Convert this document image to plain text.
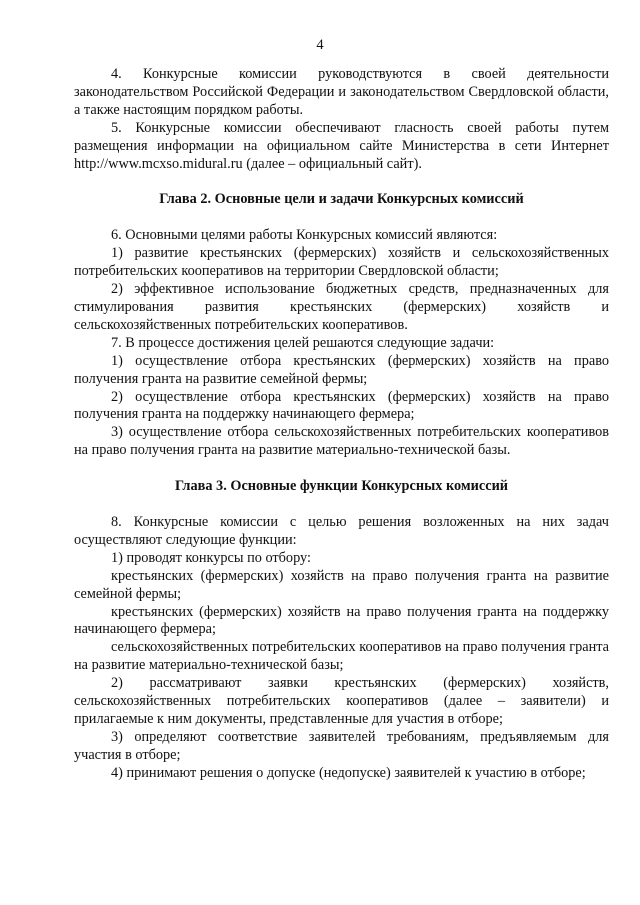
4
4. Конкурсные комиссии руководствуются в своей деятельности законодательством Российской Федерации и законодательством Свердловской области, а также настоящим порядком работы.
5. Конкурсные комиссии обеспечивают гласность своей работы путем размещения информации на официальном сайте Министерства в сети Интернет http://www.mcxso.midural.ru (далее – официальный сайт).
Глава 2. Основные цели и задачи Конкурсных комиссий
6. Основными целями работы Конкурсных комиссий являются:
1) развитие крестьянских (фермерских) хозяйств и сельскохозяйственных потребительских кооперативов на территории Свердловской области;
2) эффективное использование бюджетных средств, предназначенных для стимулирования развития крестьянских (фермерских) хозяйств и сельскохозяйственных потребительских кооперативов.
7. В процессе достижения целей решаются следующие задачи:
1) осуществление отбора крестьянских (фермерских) хозяйств на право получения гранта на развитие семейной фермы;
2) осуществление отбора крестьянских (фермерских) хозяйств на право получения гранта на поддержку начинающего фермера;
3) осуществление отбора сельскохозяйственных потребительских кооперативов на право получения гранта на развитие материально-технической базы.
Глава 3. Основные функции Конкурсных комиссий
8. Конкурсные комиссии с целью решения возложенных на них задач осуществляют следующие функции:
1) проводят конкурсы по отбору:
крестьянских (фермерских) хозяйств на право получения гранта на развитие семейной фермы;
крестьянских (фермерских) хозяйств на право получения гранта на поддержку начинающего фермера;
сельскохозяйственных потребительских кооперативов на право получения гранта на развитие материально-технической базы;
2) рассматривают заявки крестьянских (фермерских) хозяйств, сельскохозяйственных потребительских кооперативов (далее – заявители) и прилагаемые к ним документы, представленные для участия в отборе;
3) определяют соответствие заявителей требованиям, предъявляемым для участия в отборе;
4) принимают решения о допуске (недопуске) заявителей к участию в отборе;
